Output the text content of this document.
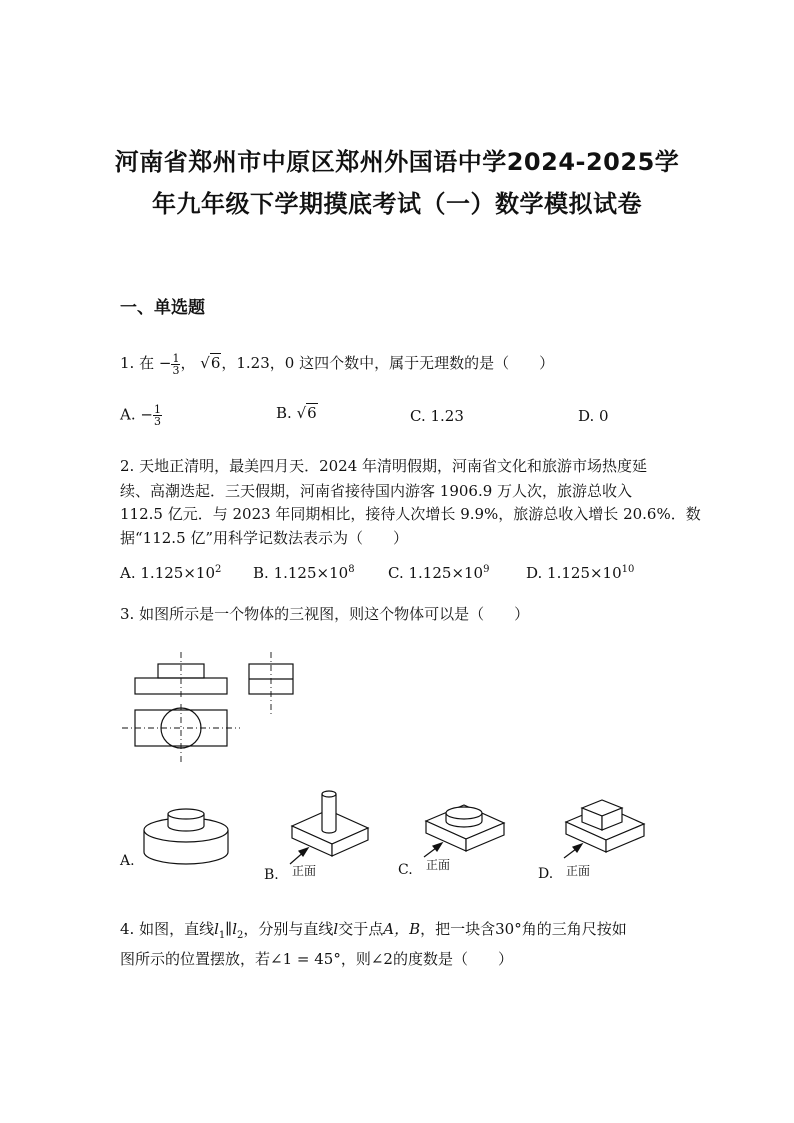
河南省郑州市中原区郑州外国语中学2024-2025学
年九年级下学期摸底考试（一）数学模拟试卷
一、单选题
1. 在 − $\frac{1}{3}$ ， √6，1.23，0 这四个数中，属于无理数的是（　　）
A. − $\frac{1}{3}$	B. √6	C. 1.23	D. 0
2. 天地正清明，最美四月天．2024 年清明假期，河南省文化和旅游市场热度延
续、高潮迭起．三天假期，河南省接待国内游客 1906.9 万人次，旅游总收入
112.5 亿元．与 2023 年同期相比，接待人次增长 9.9%，旅游总收入增长 20.6%．数
据“112.5 亿”用科学记数法表示为（　　）
A. $1.125\times 10^2$ B. $1.125\times 10^8$ C. $1.125\times 10^9$ D. $1.125\times 10^{10}$
3. 如图所示是一个物体的三视图，则这个物体可以是（　　）
A.
B. 正面	C. 正面
D. 正面
4. 如图，直线$l_1\parallel l_2$，分别与直线l交于点A，B，把一块含30°角的三角尺按如
图所示的位置摆放，若∠1 = 45°，则∠2的度数是（　　）
